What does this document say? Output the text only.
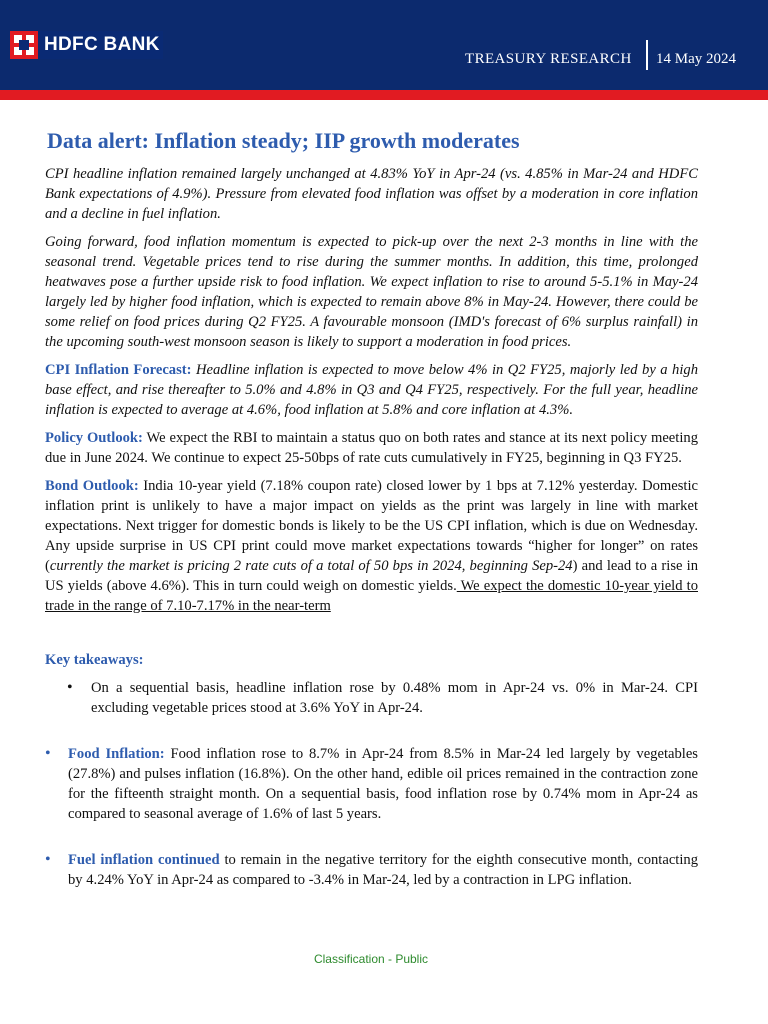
HDFC BANK
TREASURY RESEARCH 14 May 2024
Data alert: Inflation steady; IIP growth moderates

CPI headline inflation remained largely unchanged at 4.83% YoY in Apr-24 (vs. 4.85% in Mar-24 and HDFC Bank expectations of 4.9%). Pressure from elevated food inflation was offset by a moderation in core inflation and a decline in fuel inflation.

Going forward, food inflation momentum is expected to pick-up over the next 2-3 months in line with the seasonal trend. Vegetable prices tend to rise during the summer months. In addition, this time, prolonged heatwaves pose a further upside risk to food inflation. We expect inflation to rise to around 5-5.1% in May-24 largely led by higher food inflation, which is expected to remain above 8% in May-24. However, there could be some relief on food prices during Q2 FY25. A favourable monsoon (IMD's forecast of 6% surplus rainfall) in the upcoming south-west monsoon season is likely to support a moderation in food prices.

CPI Inflation Forecast: Headline inflation is expected to move below 4% in Q2 FY25, majorly led by a high base effect, and rise thereafter to 5.0% and 4.8% in Q3 and Q4 FY25, respectively. For the full year, headline inflation is expected to average at 4.6%, food inflation at 5.8% and core inflation at 4.3%.

Policy Outlook: We expect the RBI to maintain a status quo on both rates and stance at its next policy meeting due in June 2024. We continue to expect 25-50bps of rate cuts cumulatively in FY25, beginning in Q3 FY25.

Bond Outlook: India 10-year yield (7.18% coupon rate) closed lower by 1 bps at 7.12% yesterday. Domestic inflation print is unlikely to have a major impact on yields as the print was largely in line with market expectations. Next trigger for domestic bonds is likely to be the US CPI inflation, which is due on Wednesday. Any upside surprise in US CPI print could move market expectations towards “higher for longer” on rates (currently the market is pricing 2 rate cuts of a total of 50 bps in 2024, beginning Sep-24) and lead to a rise in US yields (above 4.6%). This in turn could weigh on domestic yields. We expect the domestic 10-year yield to trade in the range of 7.10-7.17% in the near-term

Key takeaways:
• On a sequential basis, headline inflation rose by 0.48% mom in Apr-24 vs. 0% in Mar-24. CPI excluding vegetable prices stood at 3.6% YoY in Apr-24.
• Food Inflation: Food inflation rose to 8.7% in Apr-24 from 8.5% in Mar-24 led largely by vegetables (27.8%) and pulses inflation (16.8%). On the other hand, edible oil prices remained in the contraction zone for the fifteenth straight month. On a sequential basis, food inflation rose by 0.74% mom in Apr-24 as compared to seasonal average of 1.6% of last 5 years.
• Fuel inflation continued to remain in the negative territory for the eighth consecutive month, contacting by 4.24% YoY in Apr-24 as compared to -3.4% in Mar-24, led by a contraction in LPG inflation.
Classification - Public
